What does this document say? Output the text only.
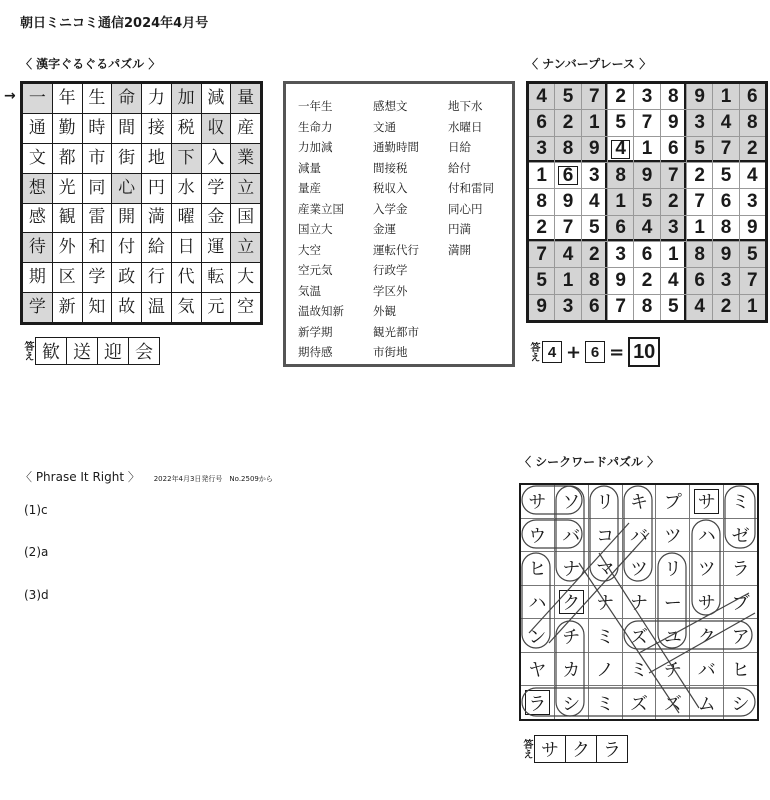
朝日ミニコミ通信2024年4月号
〈 漢字ぐるぐるパズル 〉
→ 一 年 生 命 力 加 減 量
通 勤 時 間 接 税 収 産
文 都 市 街 地 下 入 業
想 光 同 心 円 水 学 立
感 観 雷 開 満 曜 金 国
待 外 和 付 給 日 運 立
期 区 学 政 行 代 転 大
学 新 知 故 温 気 元 空
答え 歓 送 迎 会
一年生
生命力
力加減
減量
量産
産業立国
国立大
大空
空元気
気温
温故知新
新学期
期待感
感想文
文通
通勤時間
間接税
税収入
入学金
金運
運転代行
行政学
学区外
外観
観光都市
市街地
地下水
水曜日
日給
給付
付和雷同
同心円
円満
満開
〈 ナンバープレース 〉
4 5 7 2 3 8 9 1 6
6 2 1 5 7 9 3 4 8
3 8 9 4 1 6 5 7 2
1 6 3 8 9 7 2 5 4
8 9 4 1 5 2 7 6 3
2 7 5 6 4 3 1 8 9
7 4 2 3 6 1 8 9 5
5 1 8 9 2 4 6 3 7
9 3 6 7 8 5 4 2 1
答え 4 + 6 = 10
〈 Phrase It Right 〉 2022年4月3日発行号　No.2509から
(1)c
(2)a
(3)d
〈 シークワードパズル 〉
サ ソ リ キ プ サ ミ
ウ バ コ バ ツ ハ ゼ
ヒ ナ マ ツ リ ツ ラ
ハ ク ナ ナ ー サ ブ
ン チ ミ ズ ユ ク ア
ヤ カ ノ ミ チ バ ヒ
ラ シ ミ ズ ズ ム シ
答え サ ク ラ
